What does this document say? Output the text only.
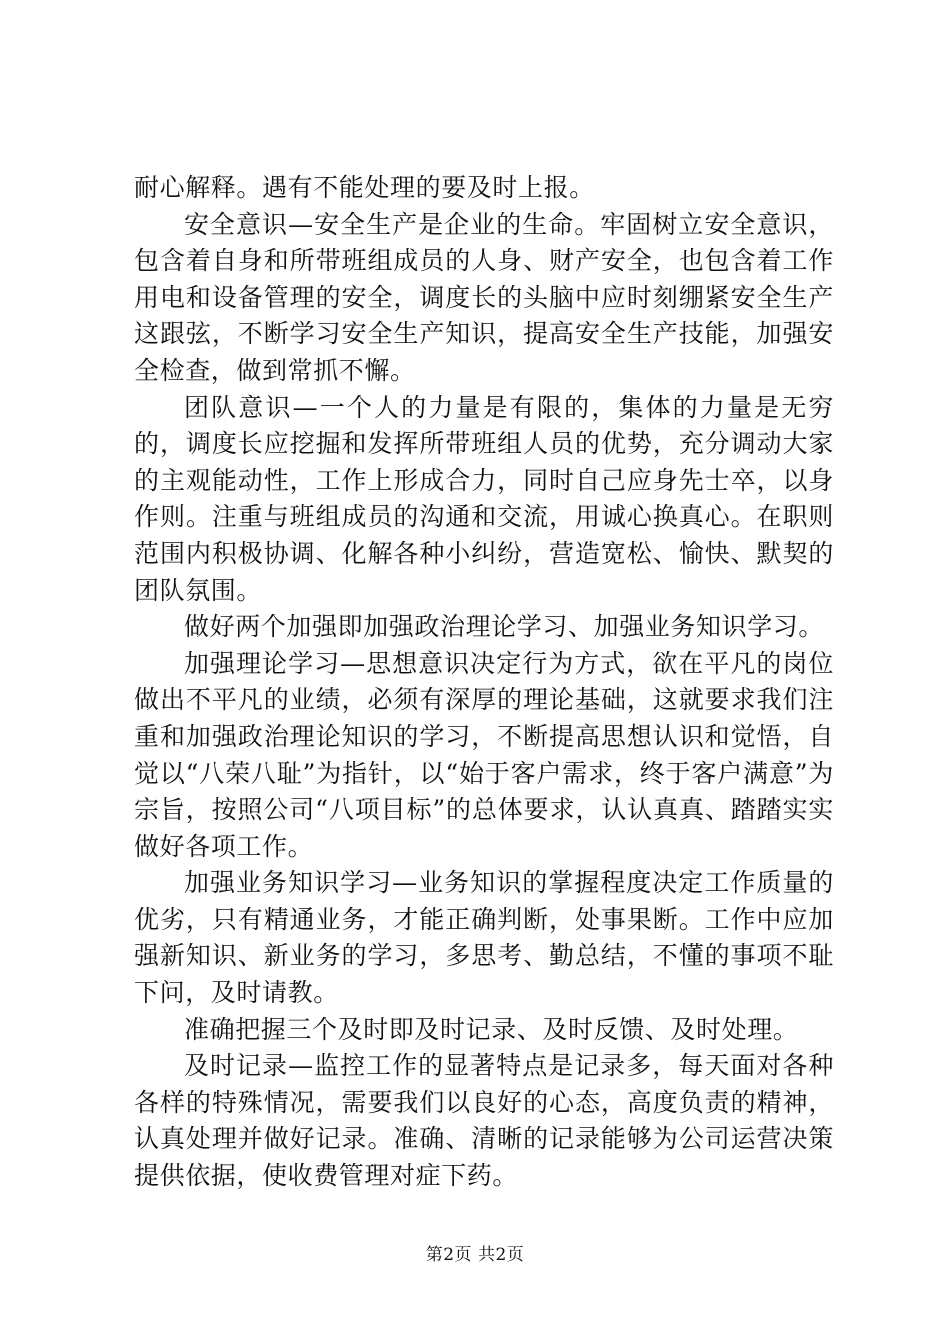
耐心解释。遇有不能处理的要及时上报。

安全意识—安全生产是企业的生命。牢固树立安全意识，包含着自身和所带班组成员的人身、财产安全，也包含着工作用电和设备管理的安全，调度长的头脑中应时刻绷紧安全生产这跟弦，不断学习安全生产知识，提高安全生产技能，加强安全检查，做到常抓不懈。

团队意识—一个人的力量是有限的，集体的力量是无穷的，调度长应挖掘和发挥所带班组人员的优势，充分调动大家的主观能动性，工作上形成合力，同时自己应身先士卒，以身作则。注重与班组成员的沟通和交流，用诚心换真心。在职则范围内积极协调、化解各种小纠纷，营造宽松、愉快、默契的团队氛围。

做好两个加强即加强政治理论学习、加强业务知识学习。

加强理论学习—思想意识决定行为方式，欲在平凡的岗位做出不平凡的业绩，必须有深厚的理论基础，这就要求我们注重和加强政治理论知识的学习，不断提高思想认识和觉悟，自觉以“八荣八耻”为指针，以“始于客户需求，终于客户满意”为宗旨，按照公司“八项目标”的总体要求，认认真真、踏踏实实做好各项工作。

加强业务知识学习—业务知识的掌握程度决定工作质量的优劣，只有精通业务，才能正确判断，处事果断。工作中应加强新知识、新业务的学习，多思考、勤总结，不懂的事项不耻下问，及时请教。

准确把握三个及时即及时记录、及时反馈、及时处理。

及时记录—监控工作的显著特点是记录多，每天面对各种各样的特殊情况，需要我们以良好的心态，高度负责的精神，认真处理并做好记录。准确、清晰的记录能够为公司运营决策提供依据，使收费管理对症下药。

第2页 共2页
